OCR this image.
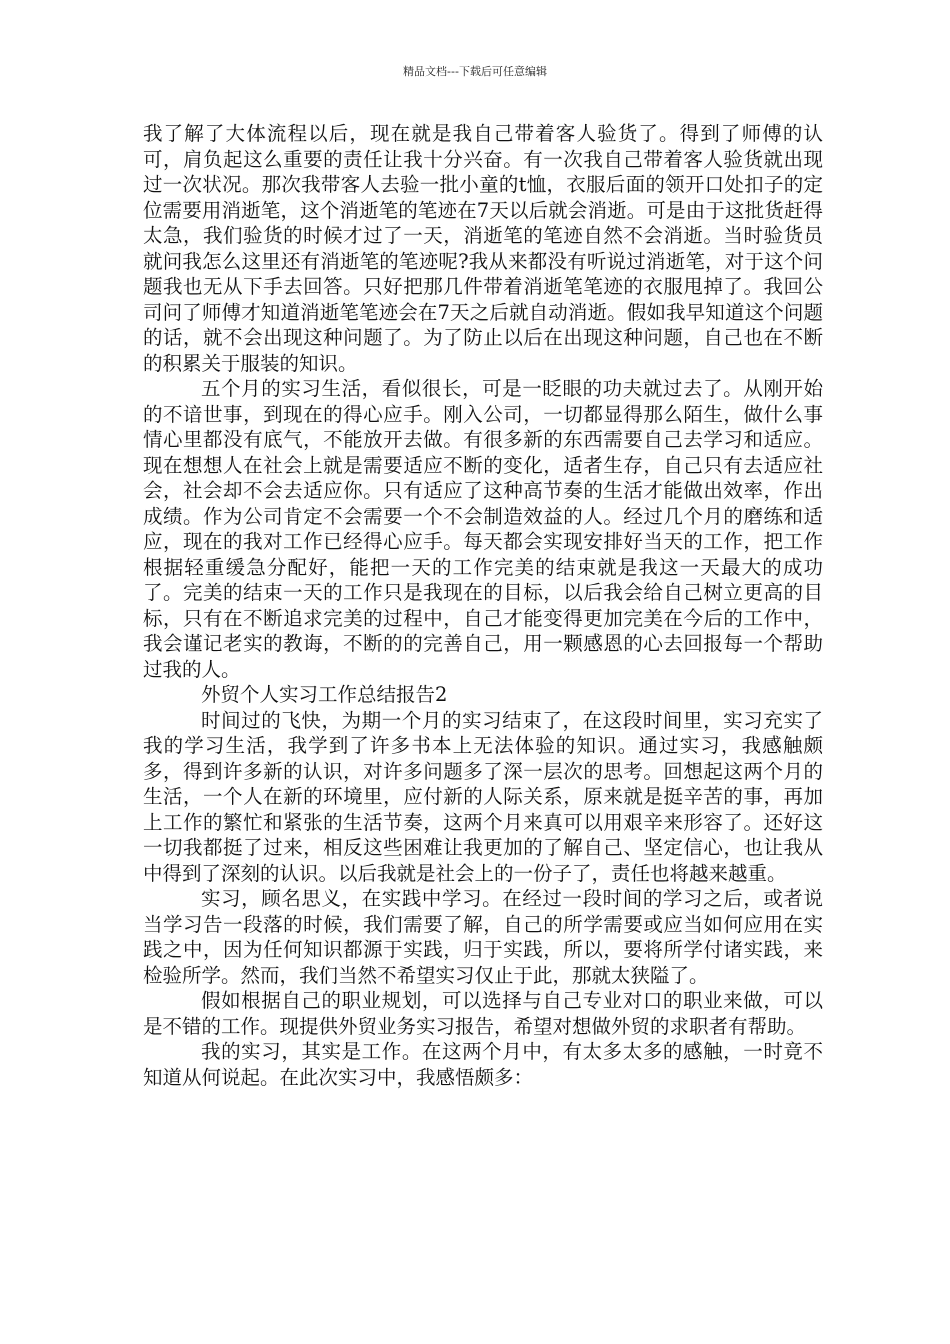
精品文档---下载后可任意编辑

我了解了大体流程以后，现在就是我自己带着客人验货了。得到了师傅的认可，肩负起这么重要的责任让我十分兴奋。有一次我自己带着客人验货就出现过一次状况。那次我带客人去验一批小童的t恤，衣服后面的领开口处扣子的定位需要用消逝笔，这个消逝笔的笔迹在7天以后就会消逝。可是由于这批货赶得太急，我们验货的时候才过了一天，消逝笔的笔迹自然不会消逝。当时验货员就问我怎么这里还有消逝笔的笔迹呢?我从来都没有听说过消逝笔，对于这个问题我也无从下手去回答。只好把那几件带着消逝笔笔迹的衣服甩掉了。我回公司问了师傅才知道消逝笔笔迹会在7天之后就自动消逝。假如我早知道这个问题的话，就不会出现这种问题了。为了防止以后在出现这种问题，自己也在不断的积累关于服装的知识。

五个月的实习生活，看似很长，可是一眨眼的功夫就过去了。从刚开始的不谙世事，到现在的得心应手。刚入公司，一切都显得那么陌生，做什么事情心里都没有底气，不能放开去做。有很多新的东西需要自己去学习和适应。现在想想人在社会上就是需要适应不断的变化，适者生存，自己只有去适应社会，社会却不会去适应你。只有适应了这种高节奏的生活才能做出效率，作出成绩。作为公司肯定不会需要一个不会制造效益的人。经过几个月的磨练和适应，现在的我对工作已经得心应手。每天都会实现安排好当天的工作，把工作根据轻重缓急分配好，能把一天的工作完美的结束就是我这一天最大的成功了。完美的结束一天的工作只是我现在的目标，以后我会给自己树立更高的目标，只有在不断追求完美的过程中，自己才能变得更加完美在今后的工作中，我会谨记老实的教诲，不断的的完善自己，用一颗感恩的心去回报每一个帮助过我的人。

外贸个人实习工作总结报告2

时间过的飞快，为期一个月的实习结束了，在这段时间里，实习充实了我的学习生活，我学到了许多书本上无法体验的知识。通过实习，我感触颇多，得到许多新的认识，对许多问题多了深一层次的思考。回想起这两个月的生活，一个人在新的环境里，应付新的人际关系，原来就是挺辛苦的事，再加上工作的繁忙和紧张的生活节奏，这两个月来真可以用艰辛来形容了。还好这一切我都挺了过来，相反这些困难让我更加的了解自己、坚定信心，也让我从中得到了深刻的认识。以后我就是社会上的一份子了，责任也将越来越重。

实习，顾名思义，在实践中学习。在经过一段时间的学习之后，或者说当学习告一段落的时候，我们需要了解，自己的所学需要或应当如何应用在实践之中，因为任何知识都源于实践，归于实践，所以，要将所学付诸实践，来检验所学。然而，我们当然不希望实习仅止于此，那就太狭隘了。

假如根据自己的职业规划，可以选择与自己专业对口的职业来做，可以是不错的工作。现提供外贸业务实习报告，希望对想做外贸的求职者有帮助。

我的实习，其实是工作。在这两个月中，有太多太多的感触，一时竟不知道从何说起。在此次实习中，我感悟颇多：
